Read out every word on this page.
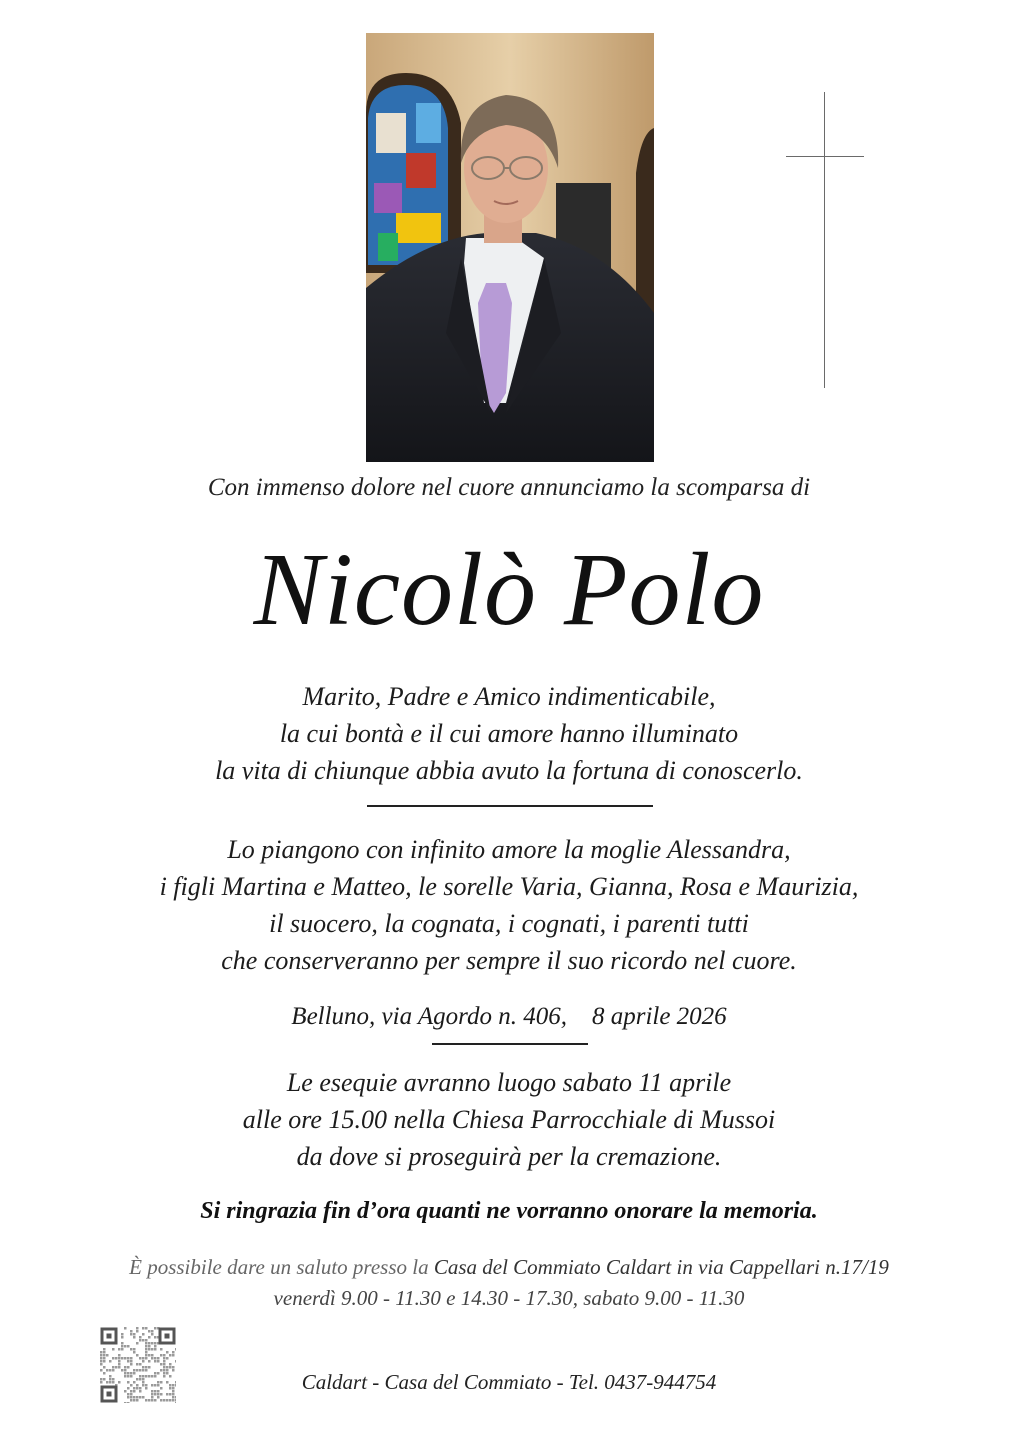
Con immenso dolore nel cuore annunciamo la scomparsa di
Nicolò Polo
Marito, Padre e Amico indimenticabile,
la cui bontà e il cui amore hanno illuminato
la vita di chiunque abbia avuto la fortuna di conoscerlo.
Lo piangono con infinito amore la moglie Alessandra,
i figli Martina e Matteo, le sorelle Varia, Gianna, Rosa e Maurizia,
il suocero, la cognata, i cognati, i parenti tutti
che conserveranno per sempre il suo ricordo nel cuore.
Belluno, via Agordo n. 406,    8 aprile 2026
Le esequie avranno luogo sabato 11 aprile
alle ore 15.00 nella Chiesa Parrocchiale di Mussoi
da dove si proseguirà per la cremazione.
Si ringrazia fin d’ora quanti ne vorranno onorare la memoria.
È possibile dare un saluto presso la Casa del Commiato Caldart in via Cappellari n.17/19
venerdì 9.00 - 11.30 e 14.30 - 17.30, sabato 9.00 - 11.30
Caldart - Casa del Commiato - Tel. 0437-944754
